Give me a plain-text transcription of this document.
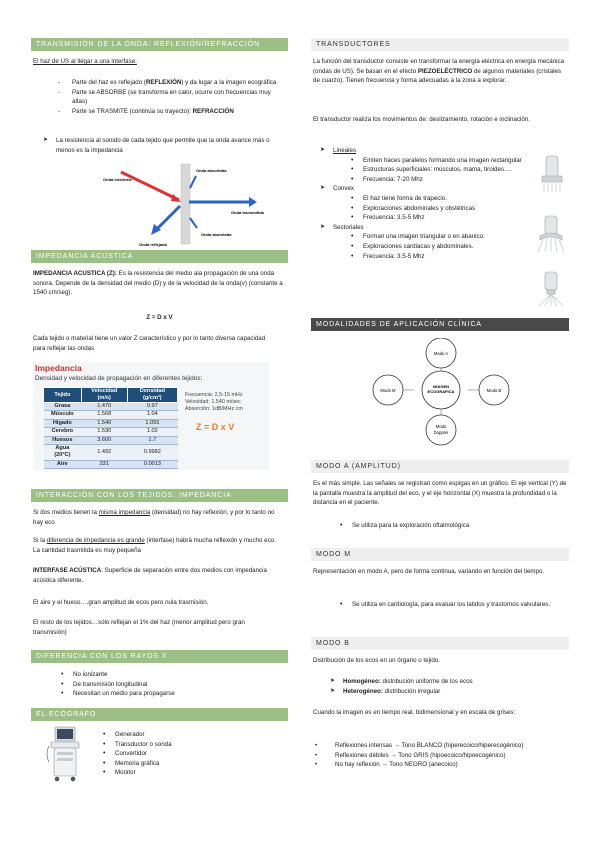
TRANSMISIÓN DE LA ONDA: REFLEXIÓN/REFRACCIÓN
El haz de US al llegar a una interfase:
- Parte del haz es reflejado (REFLEXIÓN) y da lugar a la imagen ecográfica
- Parte se ABSORBE (se transforma en calor, ocurre con frecuencias muy altas)
- Parte se TRASMITE (continúa su trayecto): REFRACCIÓN
➤ La resistencia al sonido de cada tejido que permite que la onda avance más o menos es la impedancia
Onda incidente
Onda absorbida
Onda absorbida
Onda transmitida
Onda reflejada
IMPEDANCIA ACÚSTICA
IMPEDANCIA ACUSTICA (Z): Es la resistencia del medio ala propagación de una onda sonora. Depende de la densidad del medio (D) y de la velocidad de la onda(v) (constante a 1540 cm/seg).
Z = D x V
Cada tejido o material tiene un valor Z característico y por lo tanto diversa capacidad para reflejar las ondas
Impedancia
Densidad y velocidad de propagación en diferentes tejidos:
Tejido	Velocidad (m/s)	Densidad (g/cm³)
Grasa	1.470	0.97
Músculo	1.568	1.04
Hígado	1.540	1.055
Cerebro	1.530	1.02
Huesos	3.600	1.7
Agua (20°C)	1.492	0.9982
Aire	331	0.0013
Frecuencia: 2.5-15 mHz
Velocidad: 1.540 m/sec
Absorción: 1dB/MHz cm
Z = D x V
INTERACCIÓN CON LOS TEJIDOS: IMPEDANCIA
Si dos medios tienen la misma impedancia (densidad) no hay reflexión, y por lo tanto no hay eco
Si la diferencia de impedancia es grande (interfase) habrá mucha reflexión y mucho eco. La cantidad trasmitida es muy pequeña
INTERFASE ACÚSTICA: Superficie de separación entre dos medios con impedancia acústica diferente.
El aire y el hueso….gran amplitud de ecos pero nula trasmisión.
El resto de los tejidos…sólo reflejan el 1% del haz (menor amplitud pero gran transmisión)
DIFERENCIA CON LOS RAYOS X
• No ionizante
• De transmisión longitudinal
• Necesitan un medio para propagarse
EL ECÓGRAFO
• Generador
• Transductor o sonda
• Convertidor
• Memoria gráfica
• Monitor
TRANSDUCTORES
La función del transductor consiste en transformar la energía eléctrica en energía mecánica (ondas de US). Se basan en el efecto PIEZOELÉCTRICO de algunos materiales (cristales de cuarzo). Tienen frecuencia y forma adecuadas a la zona a explorar.
El transductor realiza los movimientos de: deslizamiento, rotación e inclinación.
➤ Lineales
• Emiten haces paralelos formando una imagen rectangular
• Estructuras superficiales: músculos, mama, tiroides….
• Frecuencia: 7-20 Mhz
➤ Convex
• El haz tiene forma de trapecio.
• Exploraciones abdominales y obstétricas
• Frecuencia: 3.5-5 Mhz
➤ Sectoriales
• Forman una imagen triangular o en abanico.
• Exploraciones cardiacas y abdominales.
• Frecuencia: 3.5-5 Mhz
MODALIDADES DE APLICACIÓN CLÍNICA
IMAGEN
ECOGRAFICA
Modo A
Modo M	Modo B
Modo
Doppler
MODO A (AMPLITUD)
Es el más simple. Las señales se registran como espigas en un gráfico. El eje vertical (Y) de la pantalla muestra la amplitud del eco, y el eje horizontal (X) muestra la profundidad o la distancia en el paciente.
• Se utiliza para la exploración oftalmológica
MODO M
Representación en modo A, pero de forma continua, variando en función del tiempo.
• Se utiliza en cardiología, para evaluar los latidos y trastornos valvulares.
MODO B
Distribución de los ecos en un órgano o tejido.
➤ Homogéneo: distribución uniforme de los ecos
➤ Heterogéneo: distribución irregular
Cuando la imagen es en tiempo real, bidimensional y en escala de grises:
•	Reflexiones intensas → Tono BLANCO (hiperecoico/hiperecogénico)
•	Reflexiones débiles → Tono GRIS (hipoecoico/hipoecogénico)
•	No hay reflexión → Tono NEGRO (anecoico)
